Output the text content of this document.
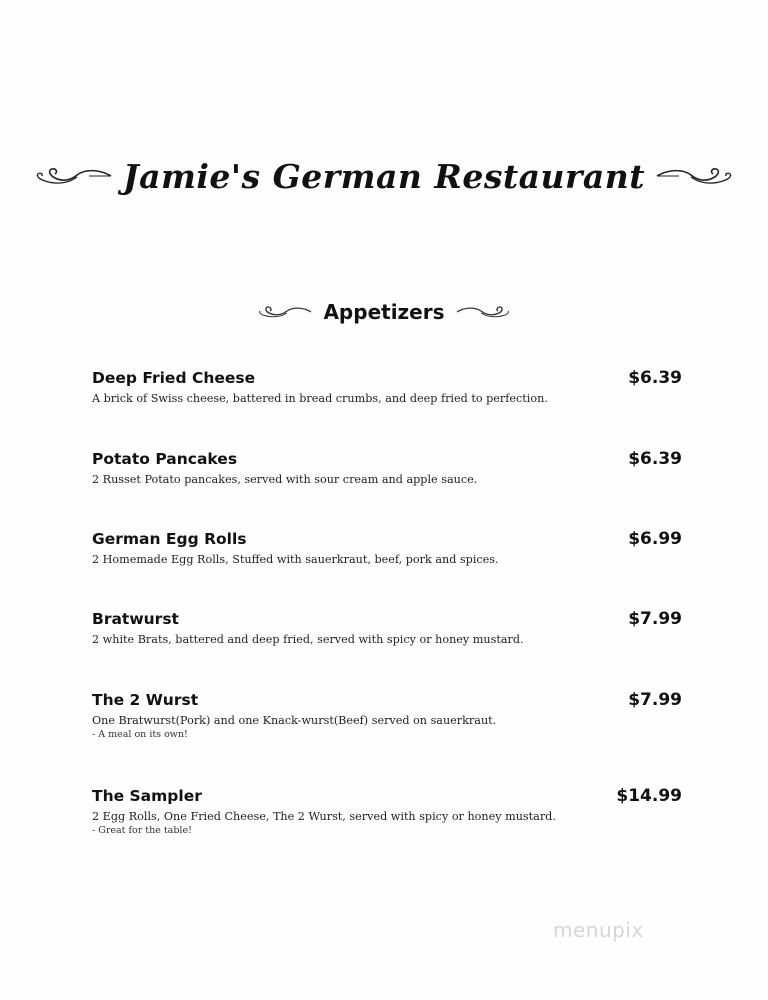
Jamie's German Restaurant
Appetizers
Deep Fried Cheese	$6.39
A brick of Swiss cheese, battered in bread crumbs, and deep fried to perfection.
Potato Pancakes	$6.39
2 Russet Potato pancakes, served with sour cream and apple sauce.
German Egg Rolls	$6.99
2 Homemade Egg Rolls, Stuffed with sauerkraut, beef, pork and spices.
Bratwurst	$7.99
2 white Brats, battered and deep fried, served with spicy or honey mustard.
The 2 Wurst	$7.99
One Bratwurst(Pork) and one Knack-wurst(Beef) served on sauerkraut.
- A meal on its own!
The Sampler	$14.99
2 Egg Rolls, One Fried Cheese, The 2 Wurst, served with spicy or honey mustard.
- Great for the table!
menupix
